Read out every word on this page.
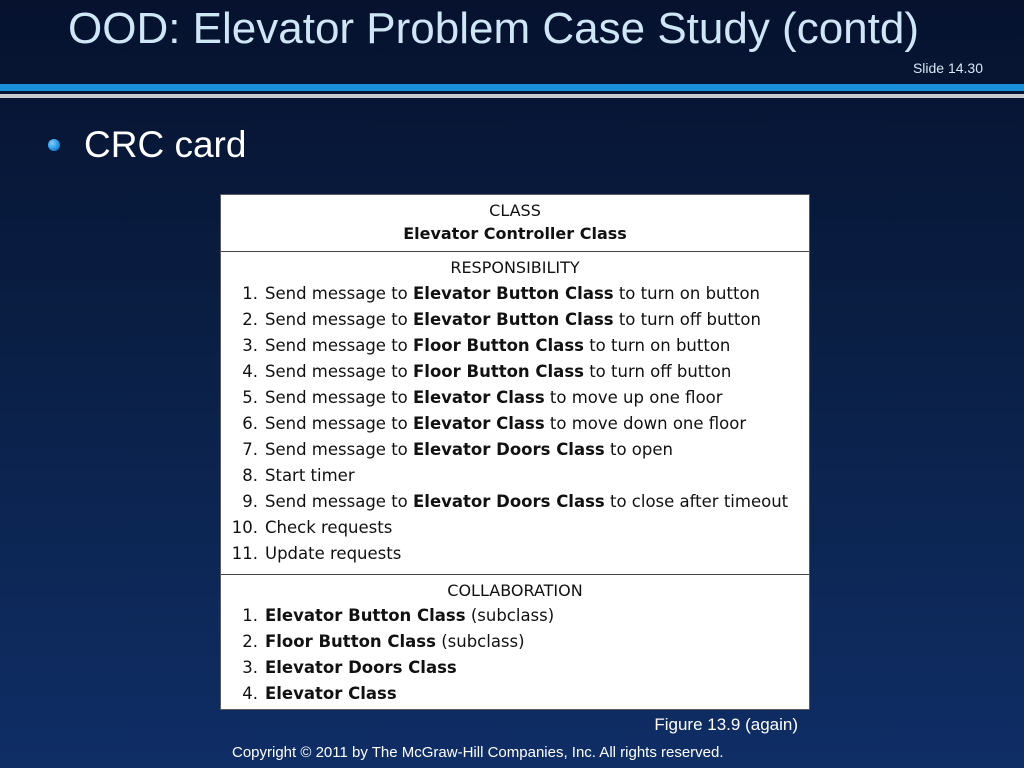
OOD: Elevator Problem Case Study (contd)
Slide 14.30
CRC card
CLASS
Elevator Controller Class
RESPONSIBILITY
1. Send message to Elevator Button Class to turn on button
2. Send message to Elevator Button Class to turn off button
3. Send message to Floor Button Class to turn on button
4. Send message to Floor Button Class to turn off button
5. Send message to Elevator Class to move up one floor
6. Send message to Elevator Class to move down one floor
7. Send message to Elevator Doors Class to open
8. Start timer
9. Send message to Elevator Doors Class to close after timeout
10. Check requests
11. Update requests
COLLABORATION
1. Elevator Button Class (subclass)
2. Floor Button Class (subclass)
3. Elevator Doors Class
4. Elevator Class
Figure 13.9 (again)
Copyright © 2011 by The McGraw-Hill Companies, Inc. All rights reserved.
